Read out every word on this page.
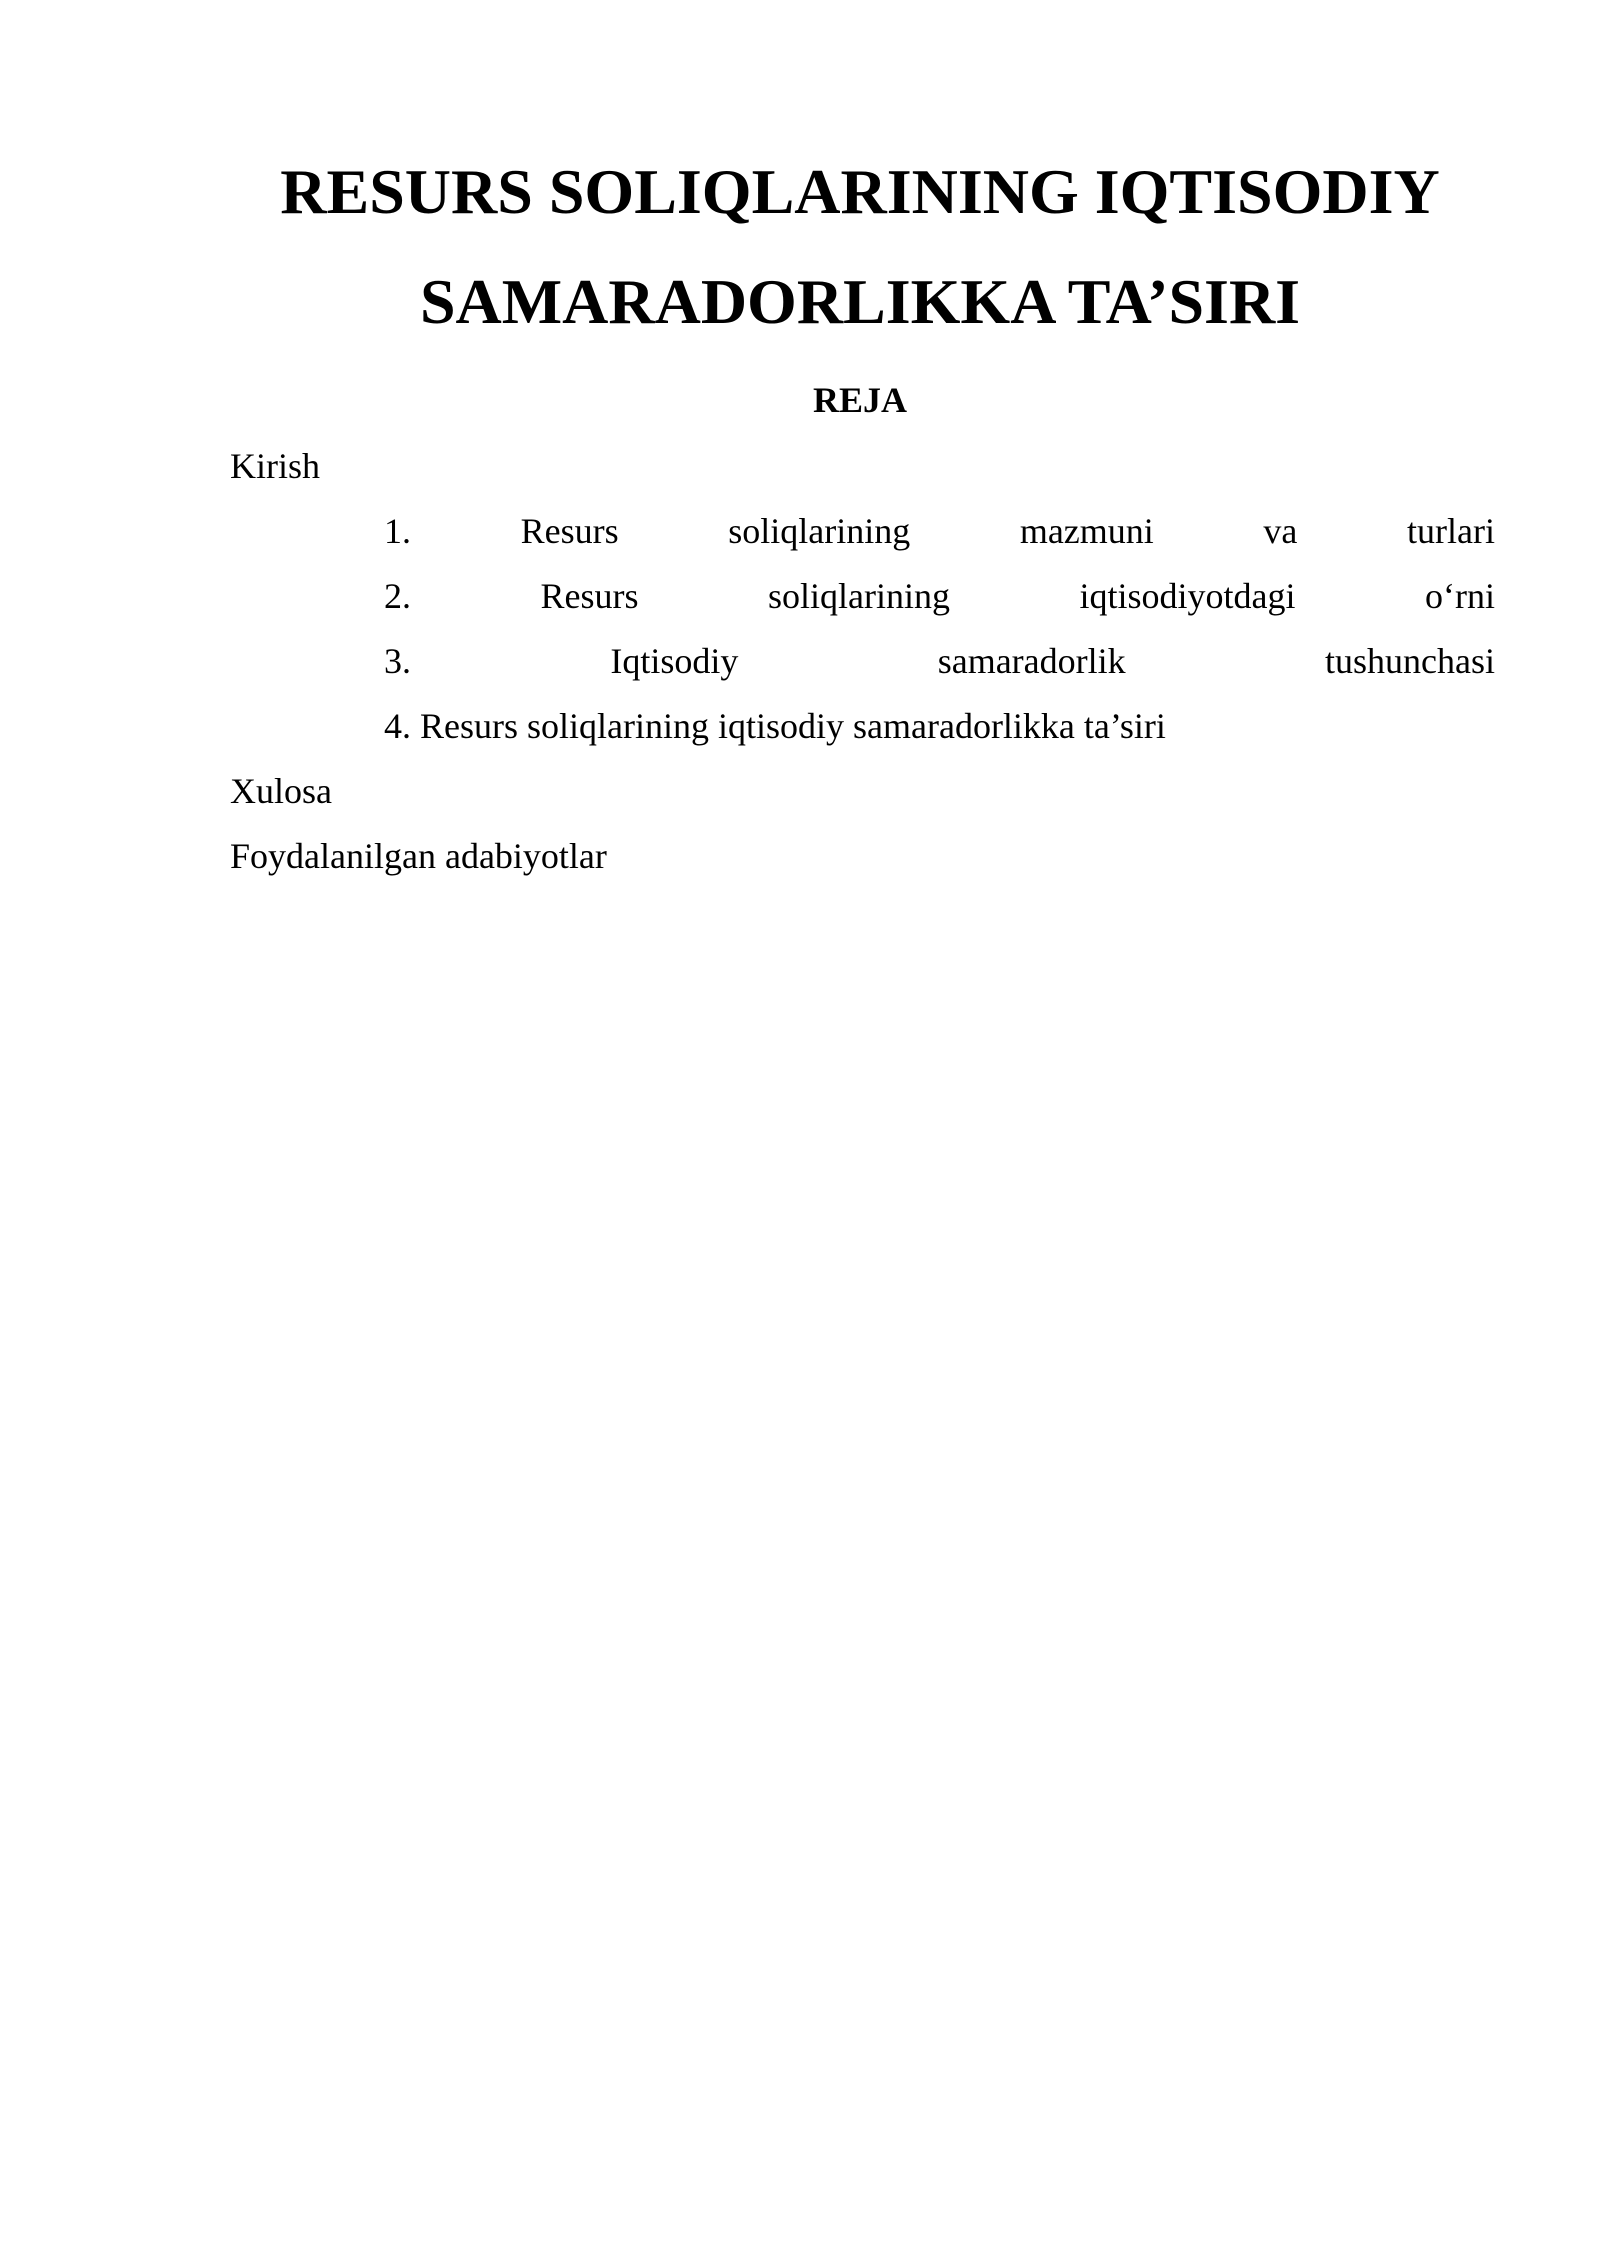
RESURS SOLIQLARINING IQTISODIY
SAMARADORLIKKA TA’SIRI
REJA
Kirish
1.	Resurs	soliqlarining	mazmuni	va	turlari
2.	Resurs	soliqlarining	iqtisodiyotdagi	o‘rni
3.	Iqtisodiy	samaradorlik	tushunchasi
4. Resurs soliqlarining iqtisodiy samaradorlikka ta’siri
Xulosa
Foydalanilgan adabiyotlar
